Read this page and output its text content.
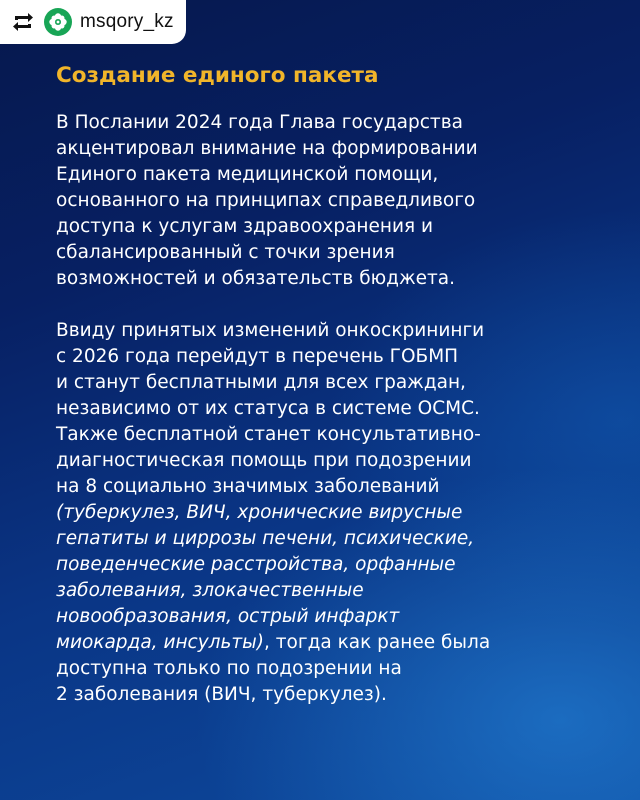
msqory_kz
Создание единого пакета

В Послании 2024 года Глава государства
акцентировал внимание на формировании
Единого пакета медицинской помощи,
основанного на принципах справедливого
доступа к услугам здравоохранения и
сбалансированный с точки зрения
возможностей и обязательств бюджета.

Ввиду принятых изменений онкоскрининги
с 2026 года перейдут в перечень ГОБМП
и станут бесплатными для всех граждан,
независимо от их статуса в системе ОСМС.
Также бесплатной станет консультативно-
диагностическая помощь при подозрении
на 8 социально значимых заболеваний
(туберкулез, ВИЧ, хронические вирусные
гепатиты и циррозы печени, психические,
поведенческие расстройства, орфанные
заболевания, злокачественные
новообразования, острый инфаркт
миокарда, инсульты), тогда как ранее была
доступна только по подозрении на
2 заболевания (ВИЧ, туберкулез).
